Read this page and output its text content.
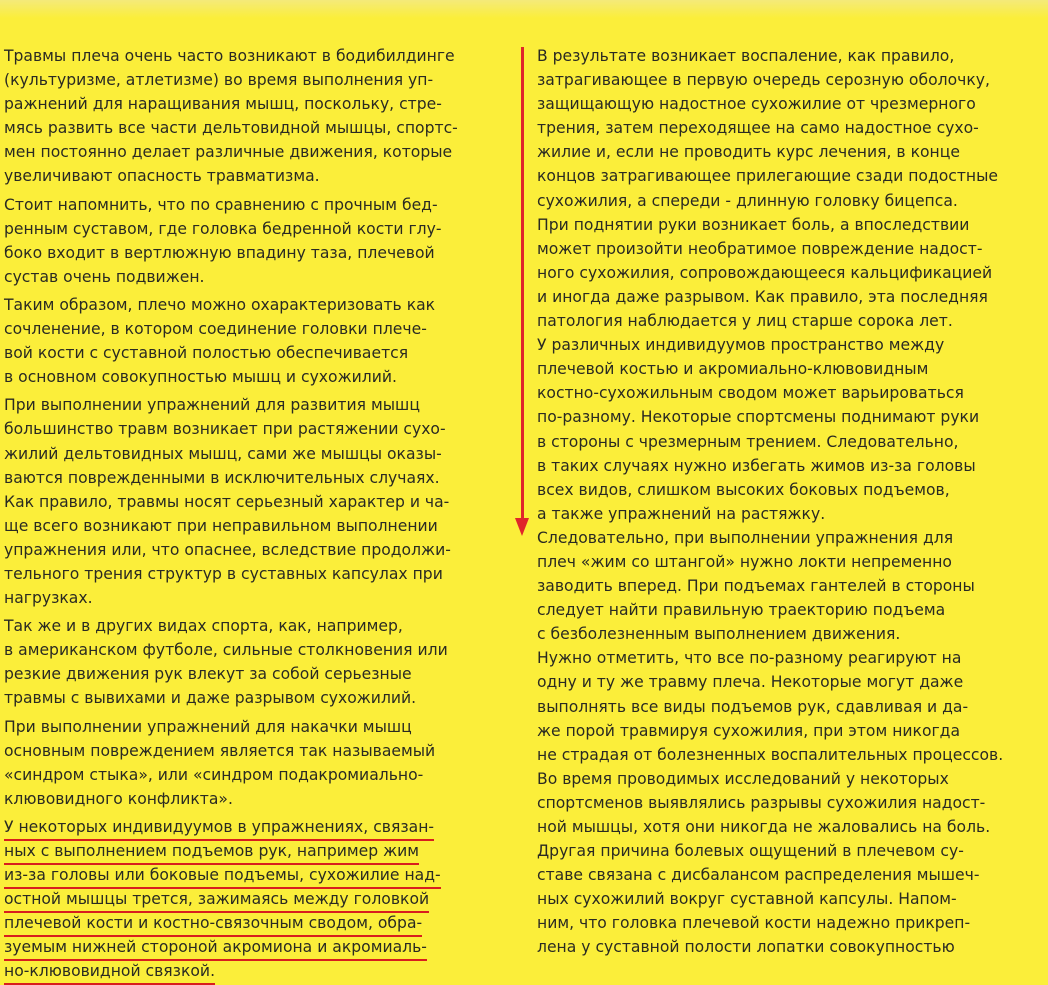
Травмы плеча очень часто возникают в бодибилдинге
(культуризме, атлетизме) во время выполнения уп-
ражнений для наращивания мышц, поскольку, стре-
мясь развить все части дельтовидной мышцы, спортс-
мен постоянно делает различные движения, которые
увеличивают опасность травматизма.
Стоит напомнить, что по сравнению с прочным бед-
ренным суставом, где головка бедренной кости глу-
боко входит в вертлюжную впадину таза, плечевой
сустав очень подвижен.
Таким образом, плечо можно охарактеризовать как
сочленение, в котором соединение головки плече-
вой кости с суставной полостью обеспечивается
в основном совокупностью мышц и сухожилий.
При выполнении упражнений для развития мышц
большинство травм возникает при растяжении сухо-
жилий дельтовидных мышц, сами же мышцы оказы-
ваются поврежденными в исключительных случаях.
Как правило, травмы носят серьезный характер и ча-
ще всего возникают при неправильном выполнении
упражнения или, что опаснее, вследствие продолжи-
тельного трения структур в суставных капсулах при
нагрузках.
Так же и в других видах спорта, как, например,
в американском футболе, сильные столкновения или
резкие движения рук влекут за собой серьезные
травмы с вывихами и даже разрывом сухожилий.
При выполнении упражнений для накачки мышц
основным повреждением является так называемый
«синдром стыка», или «синдром подакромиально-
клювовидного конфликта».
У некоторых индивидуумов в упражнениях, связан-
ных с выполнением подъемов рук, например жим
из-за головы или боковые подъемы, сухожилие над-
остной мышцы трется, зажимаясь между головкой
плечевой кости и костно-связочным сводом, обра-
зуемым нижней стороной акромиона и акромиаль-
но-клювовидной связкой.
В результате возникает воспаление, как правило,
затрагивающее в первую очередь серозную оболочку,
защищающую надостное сухожилие от чрезмерного
трения, затем переходящее на само надостное сухо-
жилие и, если не проводить курс лечения, в конце
концов затрагивающее прилегающие сзади подостные
сухожилия, а спереди - длинную головку бицепса.
При поднятии руки возникает боль, а впоследствии
может произойти необратимое повреждение надост-
ного сухожилия, сопровождающееся кальцификацией
и иногда даже разрывом. Как правило, эта последняя
патология наблюдается у лиц старше сорока лет.
У различных индивидуумов пространство между
плечевой костью и акромиально-клювовидным
костно-сухожильным сводом может варьироваться
по-разному. Некоторые спортсмены поднимают руки
в стороны с чрезмерным трением. Следовательно,
в таких случаях нужно избегать жимов из-за головы
всех видов, слишком высоких боковых подъемов,
а также упражнений на растяжку.
Следовательно, при выполнении упражнения для
плеч «жим со штангой» нужно локти непременно
заводить вперед. При подъемах гантелей в стороны
следует найти правильную траекторию подъема
с безболезненным выполнением движения.
Нужно отметить, что все по-разному реагируют на
одну и ту же травму плеча. Некоторые могут даже
выполнять все виды подъемов рук, сдавливая и да-
же порой травмируя сухожилия, при этом никогда
не страдая от болезненных воспалительных процессов.
Во время проводимых исследований у некоторых
спортсменов выявлялись разрывы сухожилия надост-
ной мышцы, хотя они никогда не жаловались на боль.
Другая причина болевых ощущений в плечевом су-
ставе связана с дисбалансом распределения мышеч-
ных сухожилий вокруг суставной капсулы. Напом-
ним, что головка плечевой кости надежно прикреп-
лена у суставной полости лопатки совокупностью
